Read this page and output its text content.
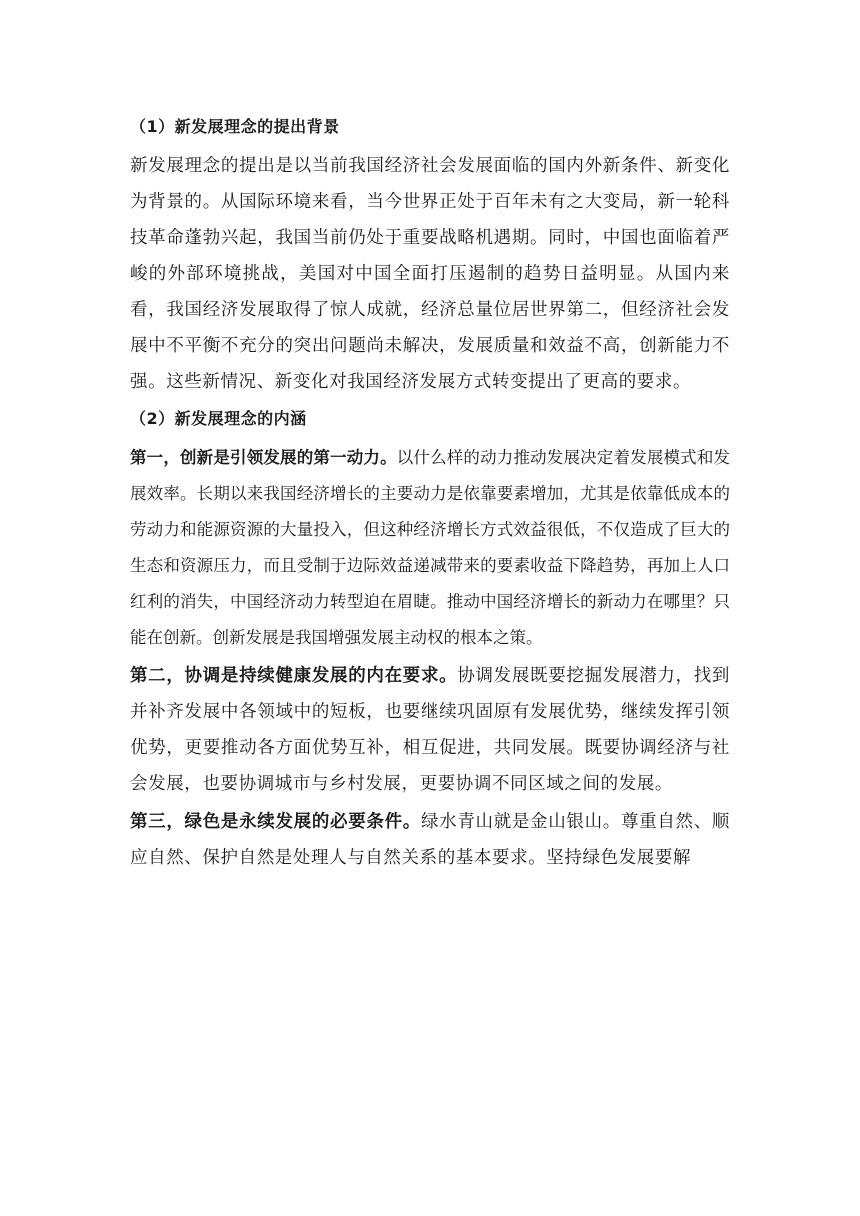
（1）新发展理念的提出背景

新发展理念的提出是以当前我国经济社会发展面临的国内外新条件、新变化为背景的。从国际环境来看，当今世界正处于百年未有之大变局，新一轮科技革命蓬勃兴起，我国当前仍处于重要战略机遇期。同时，中国也面临着严峻的外部环境挑战，美国对中国全面打压遏制的趋势日益明显。从国内来看，我国经济发展取得了惊人成就，经济总量位居世界第二，但经济社会发展中不平衡不充分的突出问题尚未解决，发展质量和效益不高，创新能力不强。这些新情况、新变化对我国经济发展方式转变提出了更高的要求。

（2）新发展理念的内涵

第一，创新是引领发展的第一动力。以什么样的动力推动发展决定着发展模式和发展效率。长期以来我国经济增长的主要动力是依靠要素增加，尤其是依靠低成本的劳动力和能源资源的大量投入，但这种经济增长方式效益很低，不仅造成了巨大的生态和资源压力，而且受制于边际效益递减带来的要素收益下降趋势，再加上人口红利的消失，中国经济动力转型迫在眉睫。推动中国经济增长的新动力在哪里？只能在创新。创新发展是我国增强发展主动权的根本之策。

第二，协调是持续健康发展的内在要求。协调发展既要挖掘发展潜力，找到并补齐发展中各领域中的短板，也要继续巩固原有发展优势，继续发挥引领优势，更要推动各方面优势互补，相互促进，共同发展。既要协调经济与社会发展，也要协调城市与乡村发展，更要协调不同区域之间的发展。

第三，绿色是永续发展的必要条件。绿水青山就是金山银山。尊重自然、顺应自然、保护自然是处理人与自然关系的基本要求。坚持绿色发展要解
